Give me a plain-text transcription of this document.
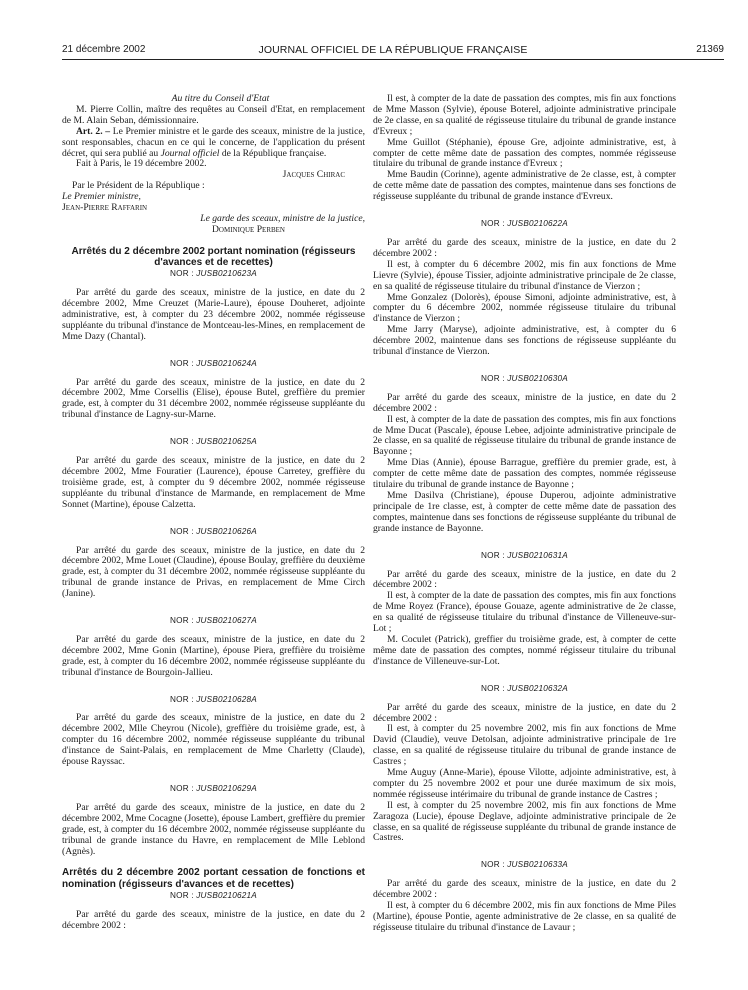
21 décembre 2002	JOURNAL OFFICIEL DE LA RÉPUBLIQUE FRANÇAISE	21369

Au titre du Conseil d'Etat

M. Pierre Collin, maître des requêtes au Conseil d'Etat, en remplacement de M. Alain Seban, démissionnaire.

Art. 2. – Le Premier ministre et le garde des sceaux, ministre de la justice, sont responsables, chacun en ce qui le concerne, de l'application du présent décret, qui sera publié au Journal officiel de la République française.

Fait à Paris, le 19 décembre 2002.

Jacques Chirac

Par le Président de la République :

Le Premier ministre,

Jean-Pierre Raffarin

Le garde des sceaux, ministre de la justice,

Dominique Perben

Arrêtés du 2 décembre 2002 portant nomination (régisseurs d'avances et de recettes)
NOR : JUSB0210623A

Par arrêté du garde des sceaux, ministre de la justice, en date du 2 décembre 2002, Mme Creuzet (Marie-Laure), épouse Douheret, adjointe administrative, est, à compter du 23 décembre 2002, nommée régisseuse suppléante du tribunal d'instance de Montceau-les-Mines, en remplacement de Mme Dazy (Chantal).

NOR : JUSB0210624A

Par arrêté du garde des sceaux, ministre de la justice, en date du 2 décembre 2002, Mme Corsellis (Elise), épouse Butel, greffière du premier grade, est, à compter du 31 décembre 2002, nommée régisseuse suppléante du tribunal d'instance de Lagny-sur-Marne.

NOR : JUSB0210625A

Par arrêté du garde des sceaux, ministre de la justice, en date du 2 décembre 2002, Mme Fouratier (Laurence), épouse Carretey, greffière du troisième grade, est, à compter du 9 décembre 2002, nommée régisseuse suppléante du tribunal d'instance de Marmande, en remplacement de Mme Sonnet (Martine), épouse Calzetta.

NOR : JUSB0210626A

Par arrêté du garde des sceaux, ministre de la justice, en date du 2 décembre 2002, Mme Louet (Claudine), épouse Boulay, greffière du deuxième grade, est, à compter du 31 décembre 2002, nommée régisseuse suppléante du tribunal de grande instance de Privas, en remplacement de Mme Circh (Janine).

NOR : JUSB0210627A

Par arrêté du garde des sceaux, ministre de la justice, en date du 2 décembre 2002, Mme Gonin (Martine), épouse Piera, greffière du troisième grade, est, à compter du 16 décembre 2002, nommée régisseuse suppléante du tribunal d'instance de Bourgoin-Jallieu.

NOR : JUSB0210628A

Par arrêté du garde des sceaux, ministre de la justice, en date du 2 décembre 2002, Mlle Cheyrou (Nicole), greffière du troisième grade, est, à compter du 16 décembre 2002, nommée régisseuse suppléante du tribunal d'instance de Saint-Palais, en remplacement de Mme Charletty (Claude), épouse Rayssac.

NOR : JUSB0210629A

Par arrêté du garde des sceaux, ministre de la justice, en date du 2 décembre 2002, Mme Cocagne (Josette), épouse Lambert, greffière du premier grade, est, à compter du 16 décembre 2002, nommée régisseuse suppléante du tribunal de grande instance du Havre, en remplacement de Mlle Leblond (Agnès).

Arrêtés du 2 décembre 2002 portant cessation de fonctions et nomination (régisseurs d'avances et de recettes)
NOR : JUSB0210621A

Par arrêté du garde des sceaux, ministre de la justice, en date du 2 décembre 2002 :

Il est, à compter de la date de passation des comptes, mis fin aux fonctions de Mme Masson (Sylvie), épouse Boterel, adjointe administrative principale de 2e classe, en sa qualité de régisseuse titulaire du tribunal de grande instance d'Evreux ;

Mme Guillot (Stéphanie), épouse Gre, adjointe administrative, est, à compter de cette même date de passation des comptes, nommée régisseuse titulaire du tribunal de grande instance d'Evreux ;

Mme Baudin (Corinne), agente administrative de 2e classe, est, à compter de cette même date de passation des comptes, maintenue dans ses fonctions de régisseuse suppléante du tribunal de grande instance d'Evreux.

NOR : JUSB0210622A

Par arrêté du garde des sceaux, ministre de la justice, en date du 2 décembre 2002 :

Il est, à compter du 6 décembre 2002, mis fin aux fonctions de Mme Lievre (Sylvie), épouse Tissier, adjointe administrative principale de 2e classe, en sa qualité de régisseuse titulaire du tribunal d'instance de Vierzon ;

Mme Gonzalez (Dolorès), épouse Simoni, adjointe administrative, est, à compter du 6 décembre 2002, nommée régisseuse titulaire du tribunal d'instance de Vierzon ;

Mme Jarry (Maryse), adjointe administrative, est, à compter du 6 décembre 2002, maintenue dans ses fonctions de régisseuse suppléante du tribunal d'instance de Vierzon.

NOR : JUSB0210630A

Par arrêté du garde des sceaux, ministre de la justice, en date du 2 décembre 2002 :

Il est, à compter de la date de passation des comptes, mis fin aux fonctions de Mme Ducat (Pascale), épouse Lebee, adjointe administrative principale de 2e classe, en sa qualité de régisseuse titulaire du tribunal de grande instance de Bayonne ;

Mme Dias (Annie), épouse Barrague, greffière du premier grade, est, à compter de cette même date de passation des comptes, nommée régisseuse titulaire du tribunal de grande instance de Bayonne ;

Mme Dasilva (Christiane), épouse Duperou, adjointe administrative principale de 1re classe, est, à compter de cette même date de passation des comptes, maintenue dans ses fonctions de régisseuse suppléante du tribunal de grande instance de Bayonne.

NOR : JUSB0210631A

Par arrêté du garde des sceaux, ministre de la justice, en date du 2 décembre 2002 :

Il est, à compter de la date de passation des comptes, mis fin aux fonctions de Mme Royez (France), épouse Gouaze, agente administrative de 2e classe, en sa qualité de régisseuse titulaire du tribunal d'instance de Villeneuve-sur-Lot ;

M. Coculet (Patrick), greffier du troisième grade, est, à compter de cette même date de passation des comptes, nommé régisseur titulaire du tribunal d'instance de Villeneuve-sur-Lot.

NOR : JUSB0210632A

Par arrêté du garde des sceaux, ministre de la justice, en date du 2 décembre 2002 :

Il est, à compter du 25 novembre 2002, mis fin aux fonctions de Mme David (Claudie), veuve Detolsan, adjointe administrative principale de 1re classe, en sa qualité de régisseuse titulaire du tribunal de grande instance de Castres ;

Mme Auguy (Anne-Marie), épouse Vilotte, adjointe administrative, est, à compter du 25 novembre 2002 et pour une durée maximum de six mois, nommée régisseuse intérimaire du tribunal de grande instance de Castres ;

Il est, à compter du 25 novembre 2002, mis fin aux fonctions de Mme Zaragoza (Lucie), épouse Deglave, adjointe administrative principale de 2e classe, en sa qualité de régisseuse suppléante du tribunal de grande instance de Castres.

NOR : JUSB0210633A

Par arrêté du garde des sceaux, ministre de la justice, en date du 2 décembre 2002 :

Il est, à compter du 6 décembre 2002, mis fin aux fonctions de Mme Piles (Martine), épouse Pontie, agente administrative de 2e classe, en sa qualité de régisseuse titulaire du tribunal d'instance de Lavaur ;
